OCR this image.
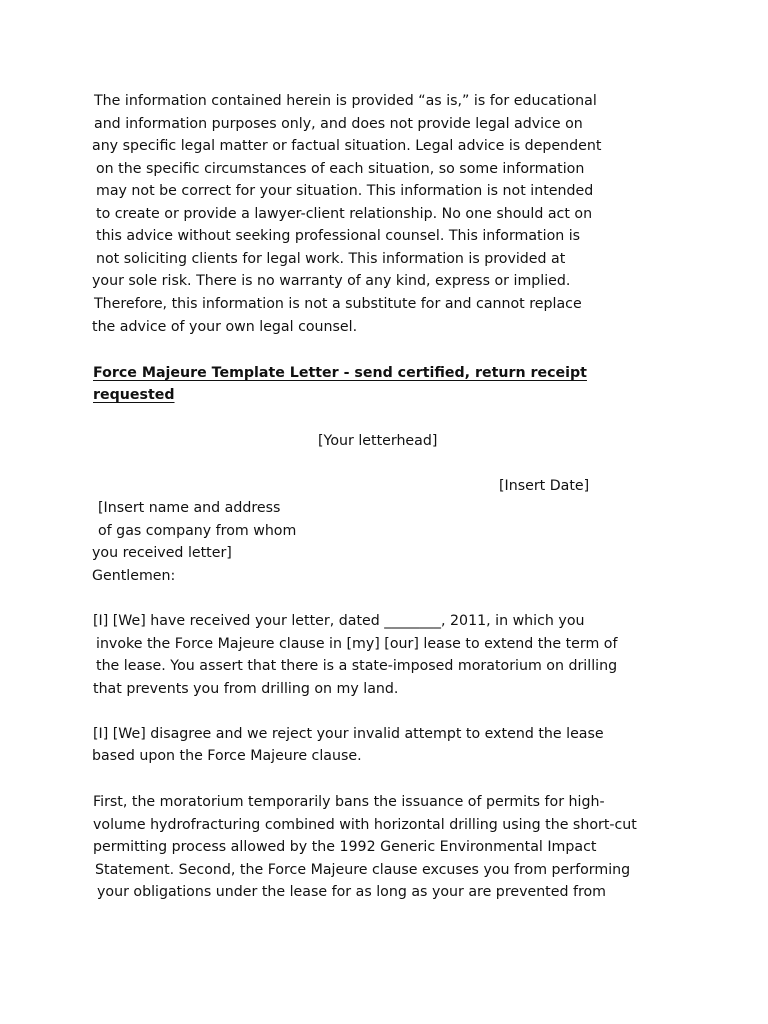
The information contained herein is provided “as is,” is for educational
and information purposes only, and does not provide legal advice on
any specific legal matter or factual situation. Legal advice is dependent
on the specific circumstances of each situation, so some information
may not be correct for your situation. This information is not intended
to create or provide a lawyer-client relationship. No one should act on
this advice without seeking professional counsel. This information is
not soliciting clients for legal work. This information is provided at
your sole risk. There is no warranty of any kind, express or implied.
Therefore, this information is not a substitute for and cannot replace
the advice of your own legal counsel.
Force Majeure Template Letter - send certified, return receipt
requested
[Your letterhead]
[Insert Date]
[Insert name and address
of gas company from whom
you received letter]
Gentlemen:
[I] [We] have received your letter, dated ________, 2011, in which you
invoke the Force Majeure clause in [my] [our] lease to extend the term of
the lease. You assert that there is a state-imposed moratorium on drilling
that prevents you from drilling on my land.
[I] [We] disagree and we reject your invalid attempt to extend the lease
based upon the Force Majeure clause.
First, the moratorium temporarily bans the issuance of permits for high-
volume hydrofracturing combined with horizontal drilling using the short-cut
permitting process allowed by the 1992 Generic Environmental Impact
Statement. Second, the Force Majeure clause excuses you from performing
your obligations under the lease for as long as your are prevented from
